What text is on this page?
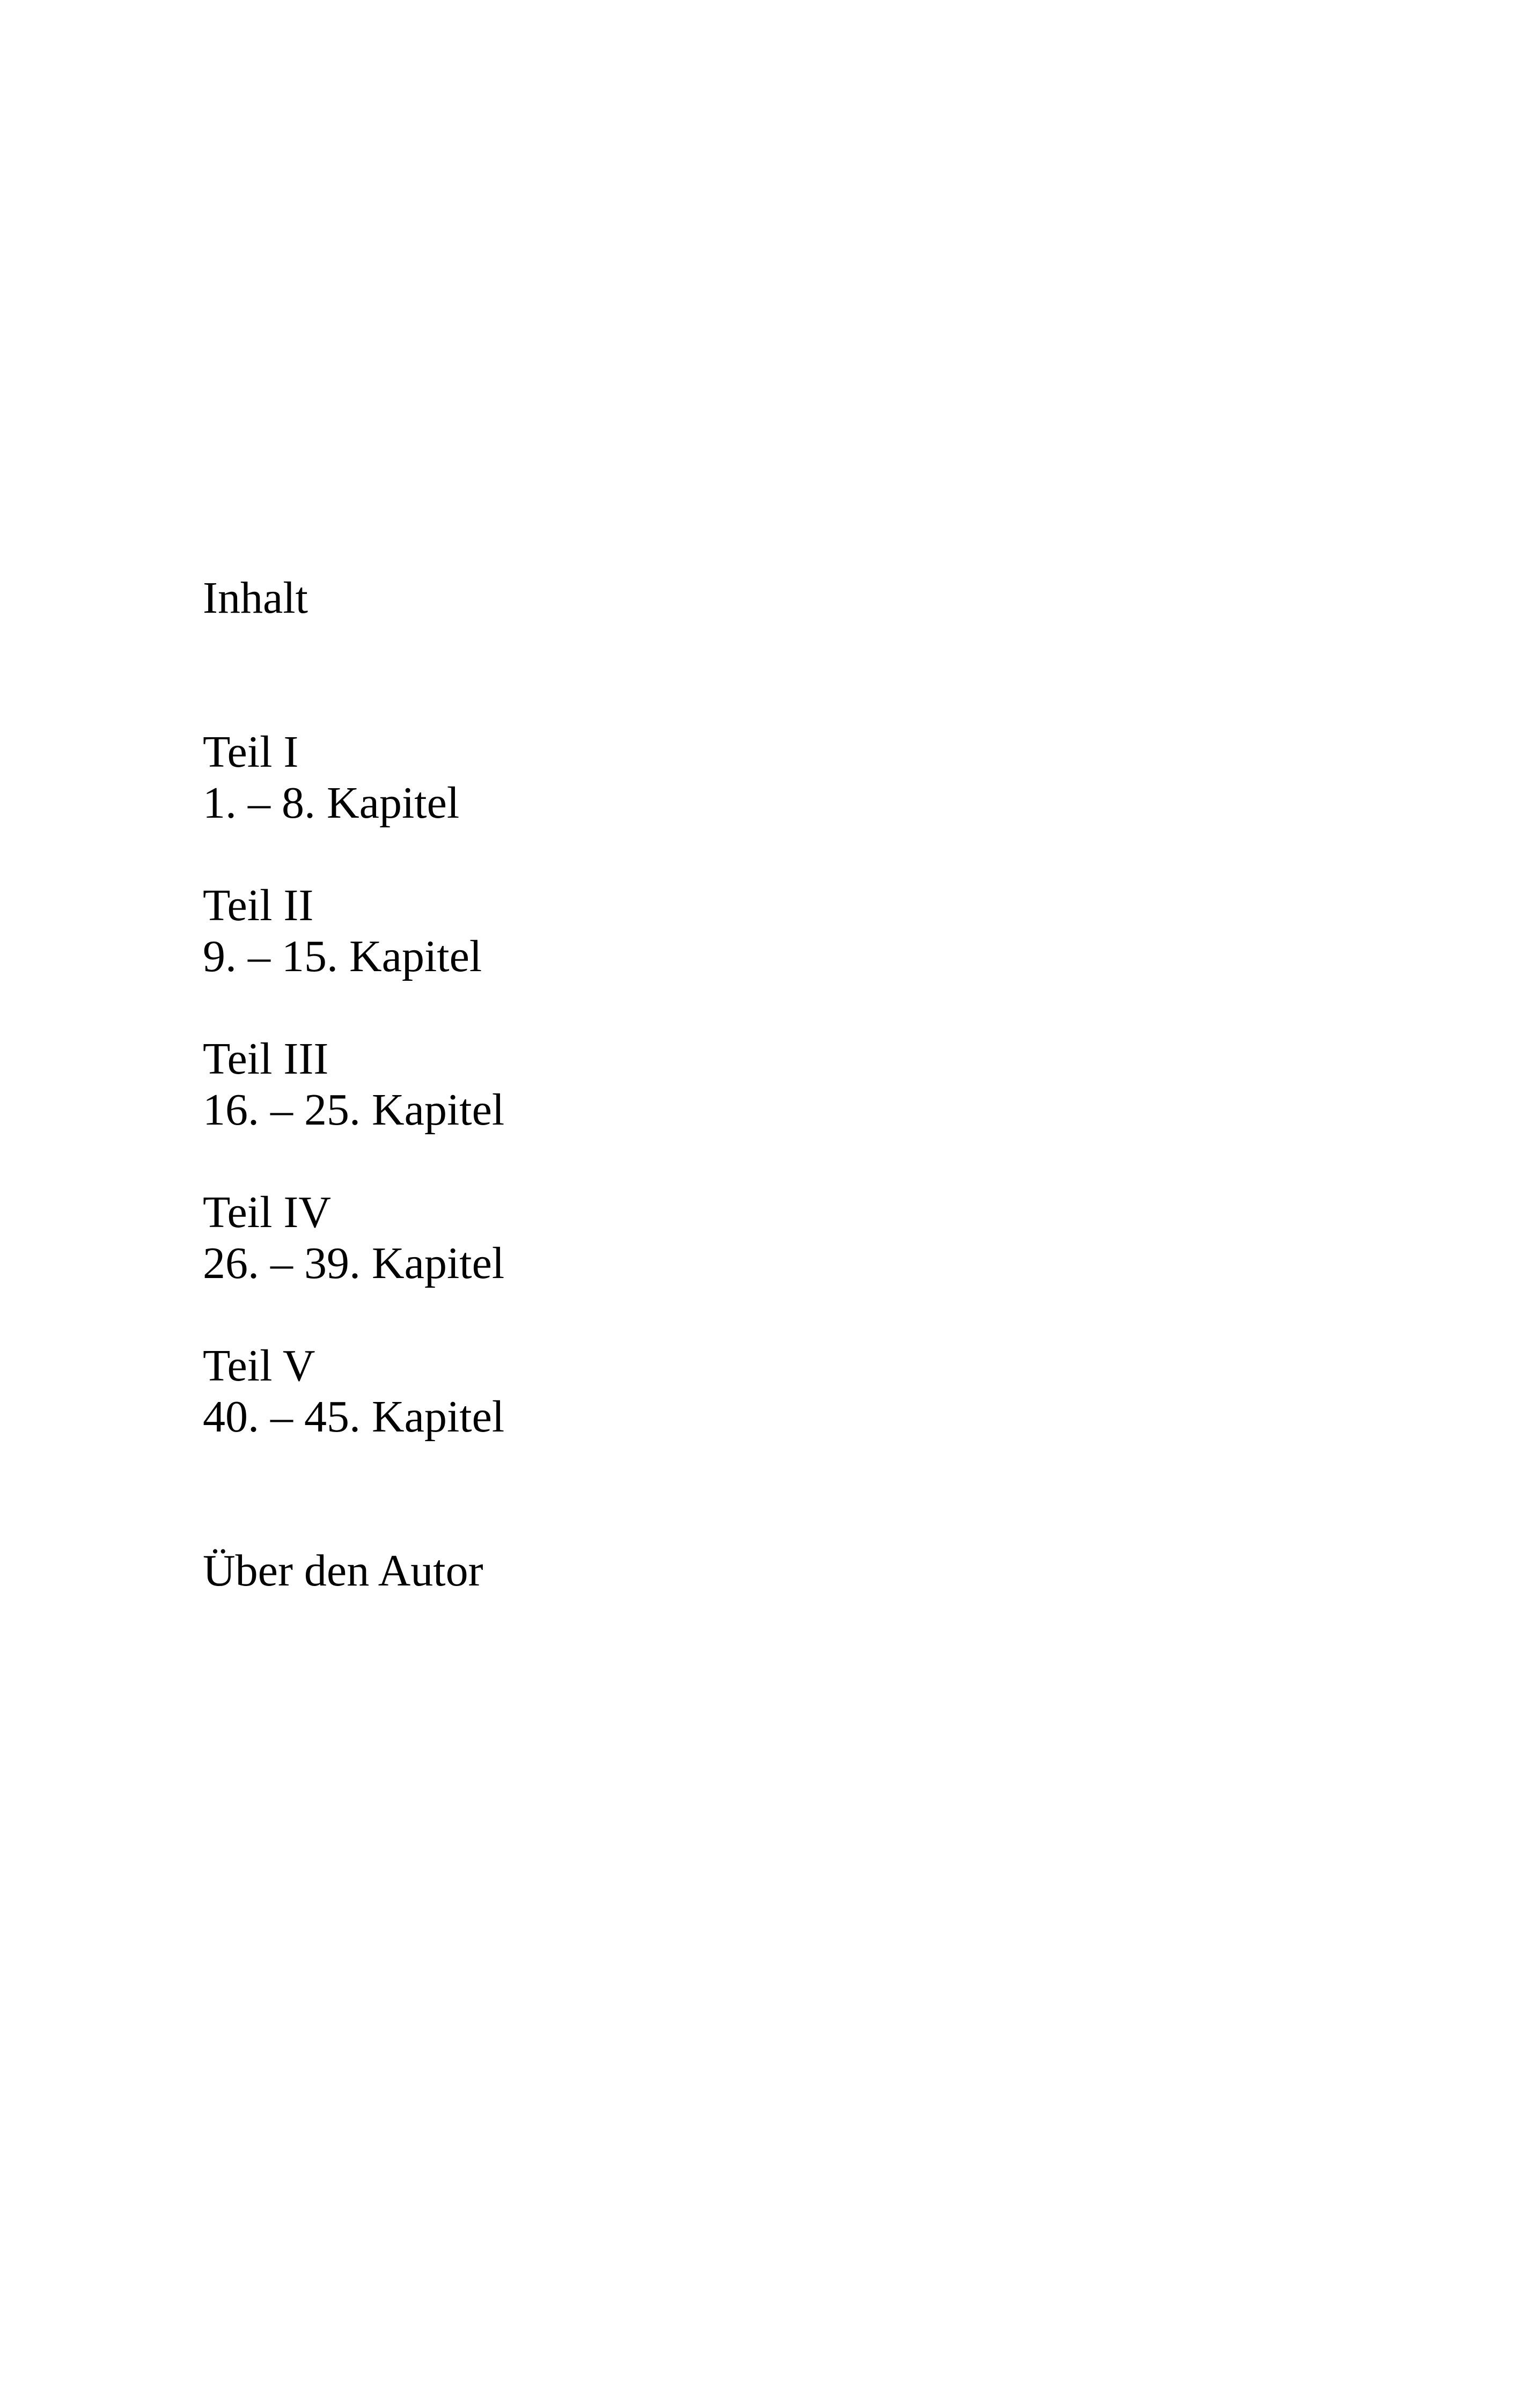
Inhalt
Teil I
1. – 8. Kapitel
Teil II
9. – 15. Kapitel
Teil III
16. – 25. Kapitel
Teil IV
26. – 39. Kapitel
Teil V
40. – 45. Kapitel
Über den Autor
